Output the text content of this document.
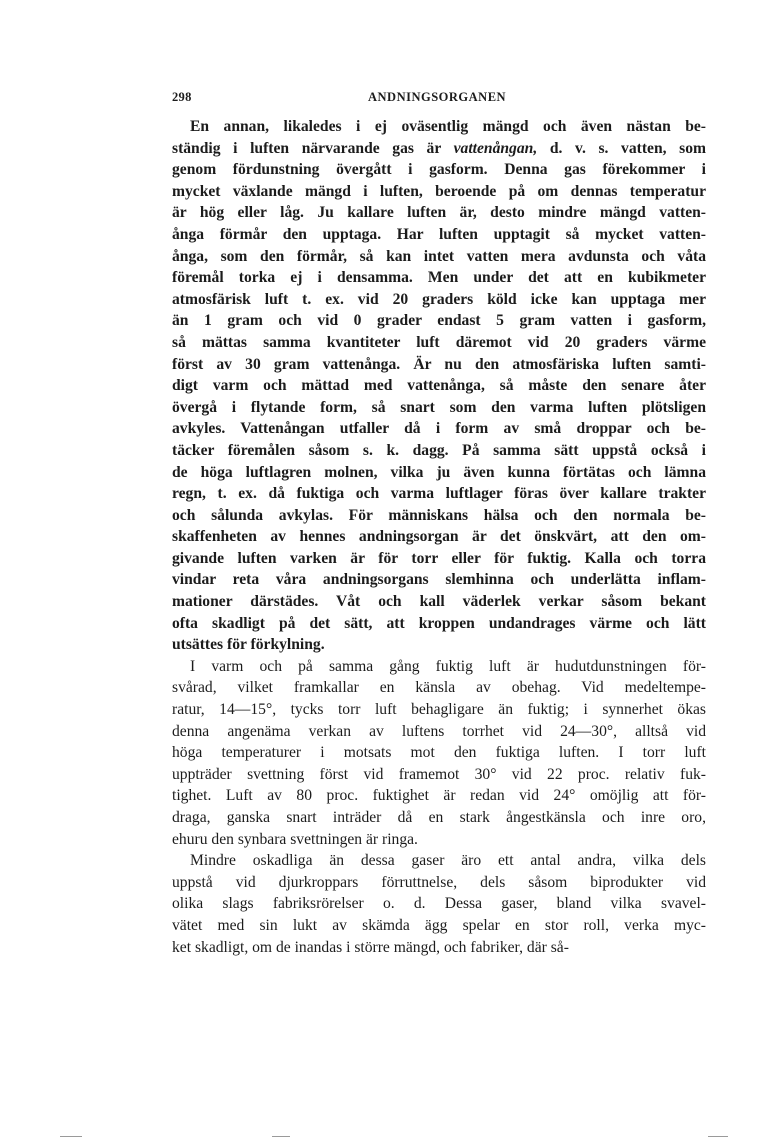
298	ANDNINGSORGANEN
En annan, likaledes i ej oväsentlig mängd och även nästan be-
ständig i luften närvarande gas är vattenångan, d. v. s. vatten, som
genom fördunstning övergått i gasform. Denna gas förekommer i
mycket växlande mängd i luften, beroende på om dennas temperatur
är hög eller låg. Ju kallare luften är, desto mindre mängd vatten-
ånga förmår den upptaga. Har luften upptagit så mycket vatten-
ånga, som den förmår, så kan intet vatten mera avdunsta och våta
föremål torka ej i densamma. Men under det att en kubikmeter
atmosfärisk luft t. ex. vid 20 graders köld icke kan upptaga mer
än 1 gram och vid 0 grader endast 5 gram vatten i gasform,
så mättas samma kvantiteter luft däremot vid 20 graders värme
först av 30 gram vattenånga. Är nu den atmosfäriska luften samti-
digt varm och mättad med vattenånga, så måste den senare åter
övergå i flytande form, så snart som den varma luften plötsligen
avkyles. Vattenångan utfaller då i form av små droppar och be-
täcker föremålen såsom s. k. dagg. På samma sätt uppstå också i
de höga luftlagren molnen, vilka ju även kunna förtätas och lämna
regn, t. ex. då fuktiga och varma luftlager föras över kallare trakter
och sålunda avkylas. För människans hälsa och den normala be-
skaffenheten av hennes andningsorgan är det önskvärt, att den om-
givande luften varken är för torr eller för fuktig. Kalla och torra
vindar reta våra andningsorgans slemhinna och underlätta inflam-
mationer därstädes. Våt och kall väderlek verkar såsom bekant
ofta skadligt på det sätt, att kroppen undandrages värme och lätt
utsättes för förkylning.
I varm och på samma gång fuktig luft är hudutdunstningen för-
svårad, vilket framkallar en känsla av obehag. Vid medeltempe-
ratur, 14—15°, tycks torr luft behagligare än fuktig; i synnerhet ökas
denna angenäma verkan av luftens torrhet vid 24—30°, alltså vid
höga temperaturer i motsats mot den fuktiga luften. I torr luft
uppträder svettning först vid framemot 30° vid 22 proc. relativ fuk-
tighet. Luft av 80 proc. fuktighet är redan vid 24° omöjlig att för-
draga, ganska snart inträder då en stark ångestkänsla och inre oro,
ehuru den synbara svettningen är ringa.
Mindre oskadliga än dessa gaser äro ett antal andra, vilka dels
uppstå vid djurkroppars förruttnelse, dels såsom biprodukter vid
olika slags fabriksrörelser o. d. Dessa gaser, bland vilka svavel-
vätet med sin lukt av skämda ägg spelar en stor roll, verka myc-
ket skadligt, om de inandas i större mängd, och fabriker, där så-
